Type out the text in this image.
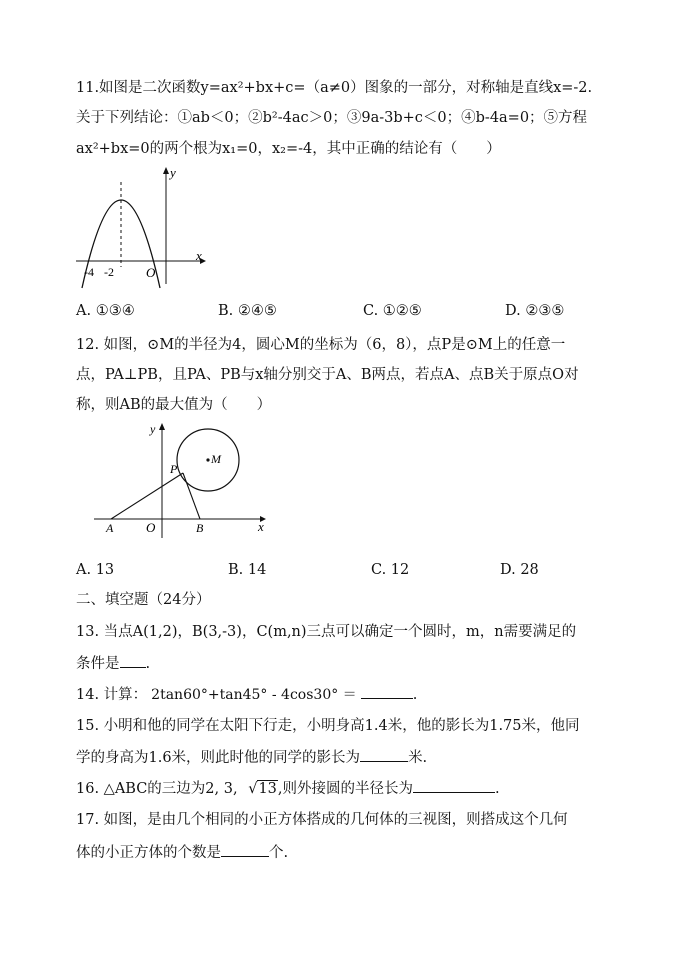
11.如图是二次函数y=ax²+bx+c=（a≠0）图象的一部分，对称轴是直线x=-2.
关于下列结论：①ab＜0；②b²-4ac＞0；③9a-3b+c＜0；④b-4a=0；⑤方程
ax²+bx=0的两个根为x₁=0，x₂=-4，其中正确的结论有（　　）
y
x
O
-4 -2
A. ①③④	B. ②④⑤	C. ①②⑤	D. ②③⑤
12. 如图，⊙M的半径为4，圆心M的坐标为（6，8），点P是⊙M上的任意一
点，PA⊥PB，且PA、PB与x轴分别交于A、B两点，若点A、点B关于原点O对
称，则AB的最大值为（　　）
y
x
O
A	B
P
M
A. 13	B. 14	C. 12	D. 28
二、填空题（24分）
13. 当点A(1,2)，B(3,-3)，C(m,n)三点可以确定一个圆时，m，n需要满足的
条件是 .
14. 计算： 2tan60°+tan45° - 4cos30° ＝	.
15. 小明和他的同学在太阳下行走，小明身高1.4米，他的影长为1.75米，他同
学的身高为1.6米，则此时他的同学的影长为	米.
16. △ABC的三边为2, 3, √13,则外接圆的半径长为	.
17. 如图，是由几个相同的小正方体搭成的几何体的三视图，则搭成这个几何
体的小正方体的个数是	个.
